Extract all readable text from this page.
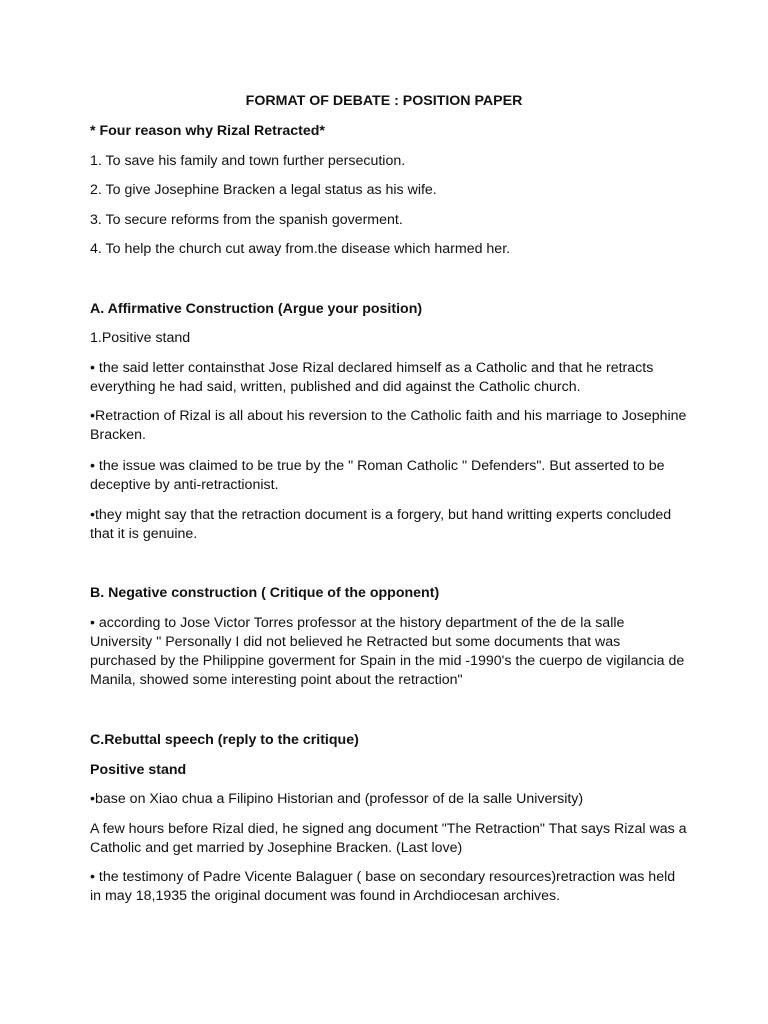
FORMAT OF DEBATE : POSITION PAPER

* Four reason why Rizal Retracted*

1. To save his family and town further persecution.

2. To give Josephine Bracken a legal status as his wife.

3. To secure reforms from the spanish goverment.

4. To help the church cut away from.the disease which harmed her.

A. Affirmative Construction (Argue your position)

1.Positive stand

• the said letter containsthat Jose Rizal declared himself as a Catholic and that he retracts everything he had said, written, published and did against the Catholic church.

•Retraction of Rizal is all about his reversion to the Catholic faith and his marriage to Josephine Bracken.

• the issue was claimed to be true by the " Roman Catholic " Defenders". But asserted to be deceptive by anti-retractionist.

•they might say that the retraction document is a forgery, but hand writting experts concluded that it is genuine.

B. Negative construction ( Critique of the opponent)

• according to Jose Victor Torres professor at the history department of the de la salle University " Personally I did not believed he Retracted but some documents that was purchased by the Philippine goverment for Spain in the mid -1990's the cuerpo de vigilancia de Manila, showed some interesting point about the retraction"

C.Rebuttal speech (reply to the critique)

Positive stand

•base on Xiao chua a Filipino Historian and (professor of de la salle University)

A few hours before Rizal died, he signed ang document "The Retraction" That says Rizal was a Catholic and get married by Josephine Bracken. (Last love)

• the testimony of Padre Vicente Balaguer ( base on secondary resources)retraction was held in may 18,1935 the original document was found in Archdiocesan archives.
